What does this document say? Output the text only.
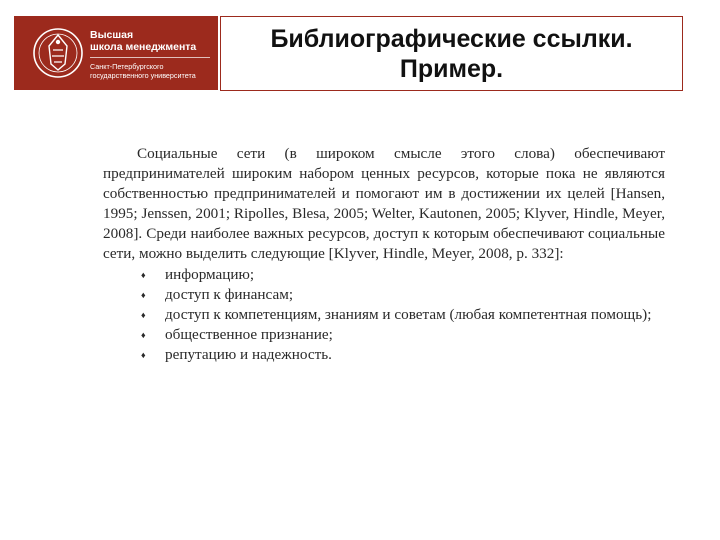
Высшая
школа менеджмента
Санкт-Петербургского
государственного университета
Библиографические ссылки.
Пример.

Социальные сети (в широком смысле этого слова) обеспечивают предпринимателей широким набором ценных ресурсов, которые пока не являются собственностью предпринимателей и помогают им в достижении их целей [Hansen, 1995; Jenssen, 2001; Ripolles, Blesa, 2005; Welter, Kautonen, 2005; Klyver, Hindle, Meyer, 2008]. Среди наиболее важных ресурсов, доступ к которым обеспечивают социальные сети, можно выделить следующие [Klyver, Hindle, Meyer, 2008, p. 332]:

♦ информацию;
♦ доступ к финансам;
♦ доступ к компетенциям, знаниям и советам (любая компетентная помощь);
♦ общественное признание;
♦ репутацию и надежность.
